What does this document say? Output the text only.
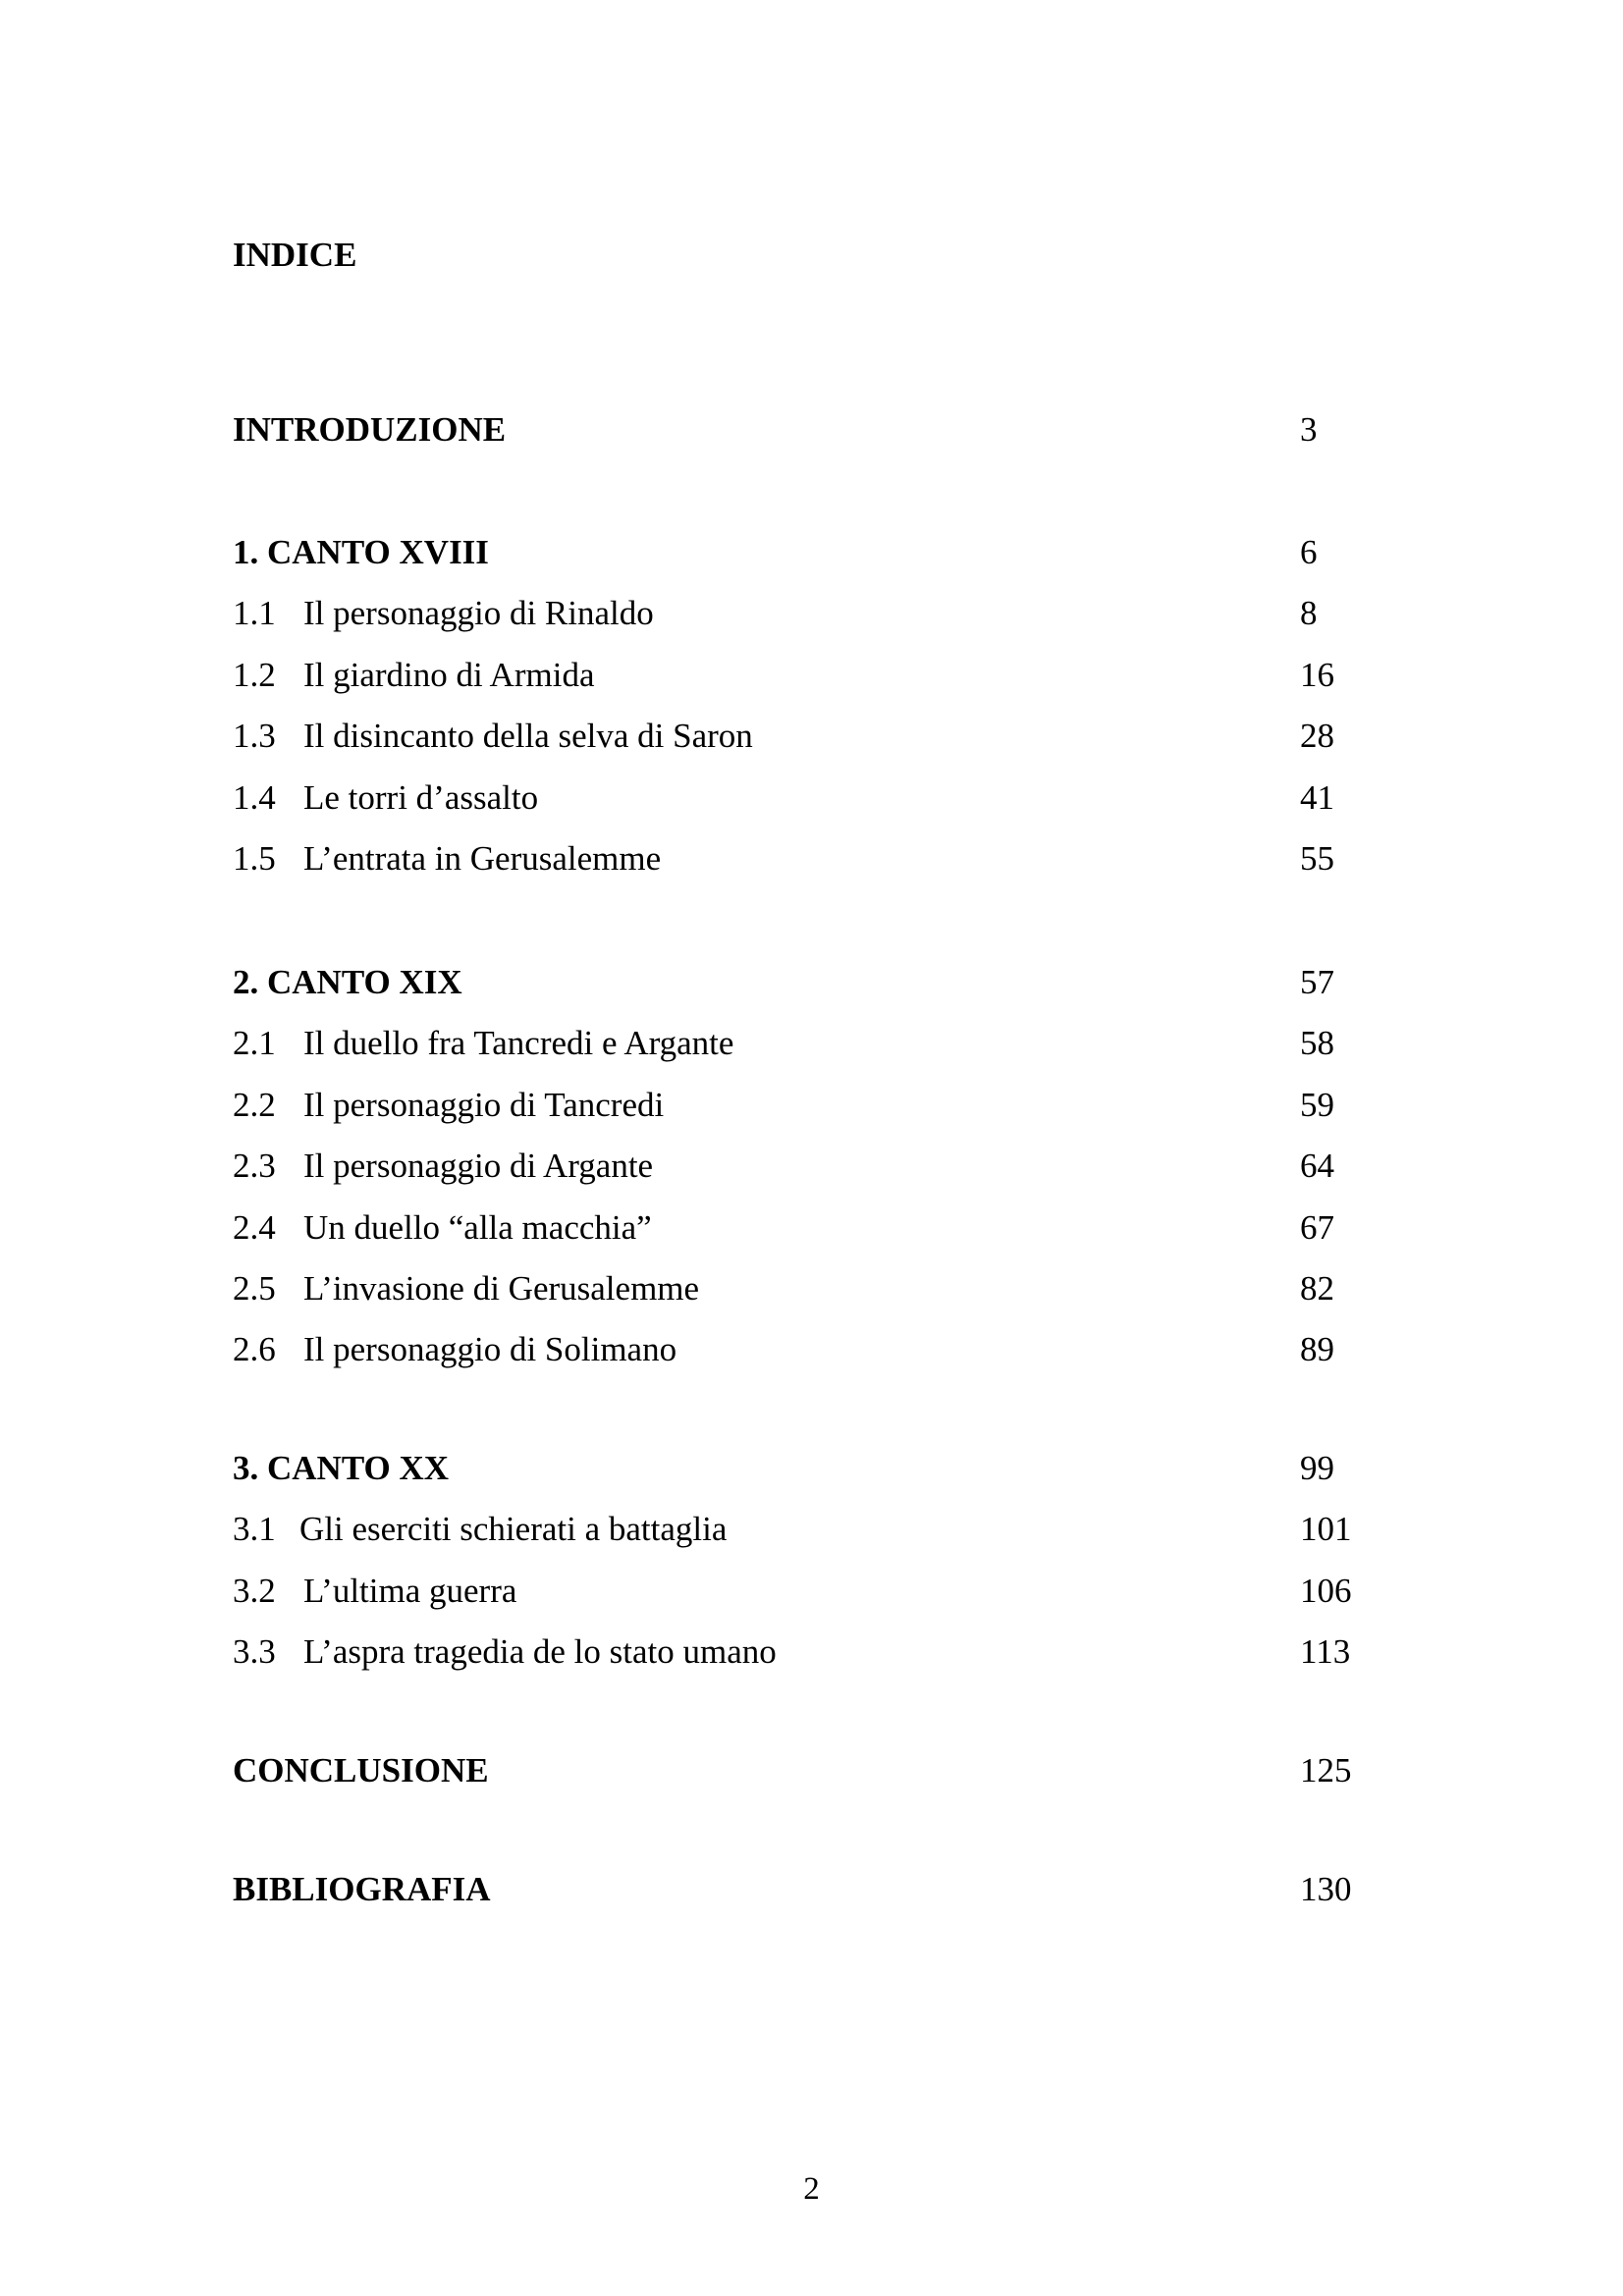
INDICE
INTRODUZIONE	3
1. CANTO XVIII	6
1.1 Il personaggio di Rinaldo	8
1.2 Il giardino di Armida	16
1.3 Il disincanto della selva di Saron	28
1.4 Le torri d’assalto	41
1.5 L’entrata in Gerusalemme	55
2. CANTO XIX	57
2.1 Il duello fra Tancredi e Argante	58
2.2 Il personaggio di Tancredi	59
2.3 Il personaggio di Argante	64
2.4 Un duello “alla macchia”	67
2.5 L’invasione di Gerusalemme	82
2.6 Il personaggio di Solimano	89
3. CANTO XX	99
3.1 Gli eserciti schierati a battaglia	101
3.2 L’ultima guerra	106
3.3 L’aspra tragedia de lo stato umano	113
CONCLUSIONE	125
BIBLIOGRAFIA	130
2
